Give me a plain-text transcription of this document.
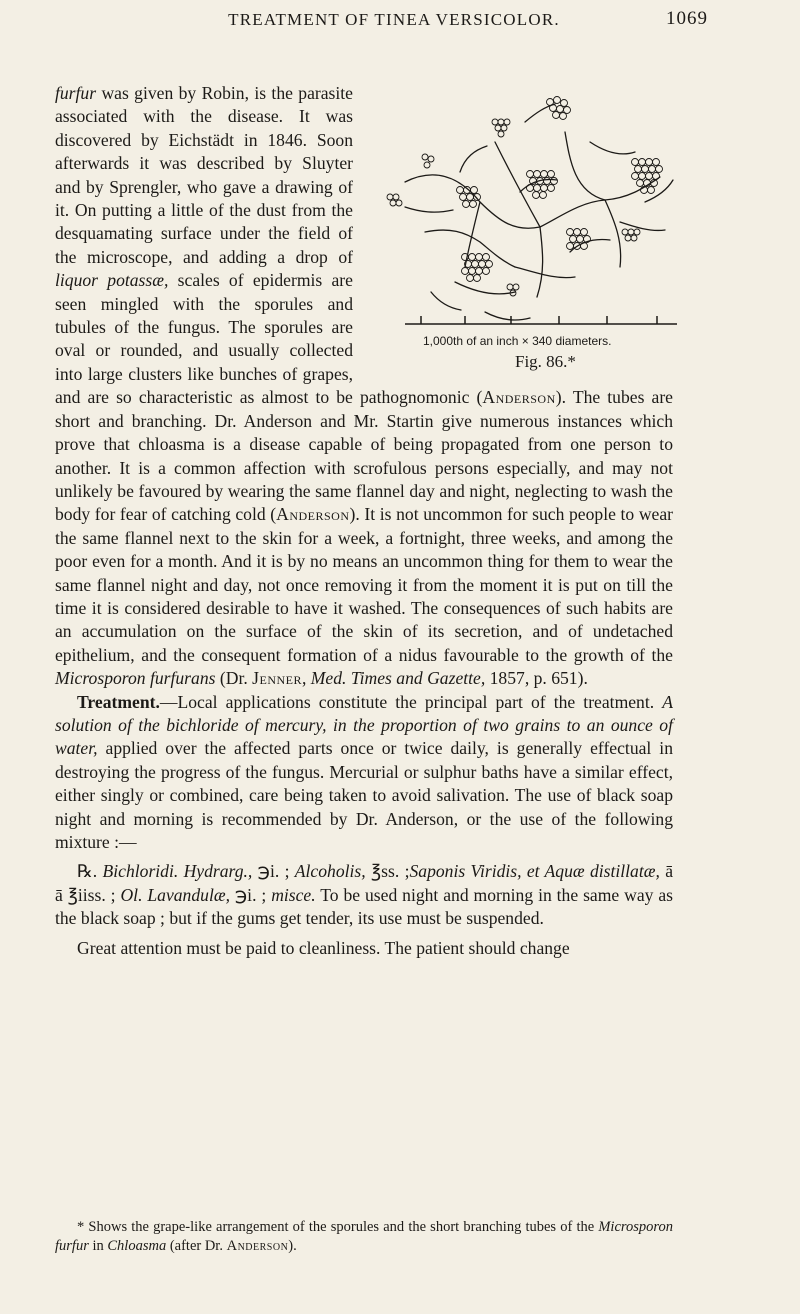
TREATMENT OF TINEA VERSICOLOR.	1069
1,000th of an inch × 340 diameters.
Fig. 86.*

furfur was given by Robin, is the parasite associated with the disease. It was discovered by Eichstädt in 1846. Soon afterwards it was described by Sluyter and by Sprengler, who gave a drawing of it. On putting a little of the dust from the desquamating surface under the field of the microscope, and adding a drop of liquor potassæ, scales of epidermis are seen mingled with the sporules and tubules of the fungus. The sporules are oval or rounded, and usually collected into large clusters like bunches of grapes, and are so characteristic as almost to be pathognomonic (Anderson). The tubes are short and branching. Dr. Anderson and Mr. Startin give numerous instances which prove that chloasma is a disease capable of being propagated from one person to another. It is a common affection with scrofulous persons especially, and may not unlikely be favoured by wearing the same flannel day and night, neglecting to wash the body for fear of catching cold (Anderson). It is not uncommon for such people to wear the same flannel next to the skin for a week, a fortnight, three weeks, and among the poor even for a month. And it is by no means an uncommon thing for them to wear the same flannel night and day, not once removing it from the moment it is put on till the time it is considered desirable to have it washed. The consequences of such habits are an accumulation on the surface of the skin of its secretion, and of undetached epithelium, and the consequent formation of a nidus favourable to the growth of the Microsporon furfurans (Dr. Jenner, Med. Times and Gazette, 1857, p. 651).

Treatment.—Local applications constitute the principal part of the treatment. A solution of the bichloride of mercury, in the proportion of two grains to an ounce of water, applied over the affected parts once or twice daily, is generally effectual in destroying the progress of the fungus. Mercurial or sulphur baths have a similar effect, either singly or combined, care being taken to avoid salivation. The use of black soap night and morning is recommended by Dr. Anderson, or the use of the following mixture :—

℞. Bichloridi. Hydrarg., ℈i. ; Alcoholis, ℥ss. ;Saponis Viridis, et Aquæ distillatæ, ā ā ℥iiss. ; Ol. Lavandulæ, ℈i. ; misce. To be used night and morning in the same way as the black soap ; but if the gums get tender, its use must be suspended.

Great attention must be paid to cleanliness. The patient should change

* Shows the grape-like arrangement of the sporules and the short branching tubes of the Microsporon furfur in Chloasma (after Dr. Anderson).
